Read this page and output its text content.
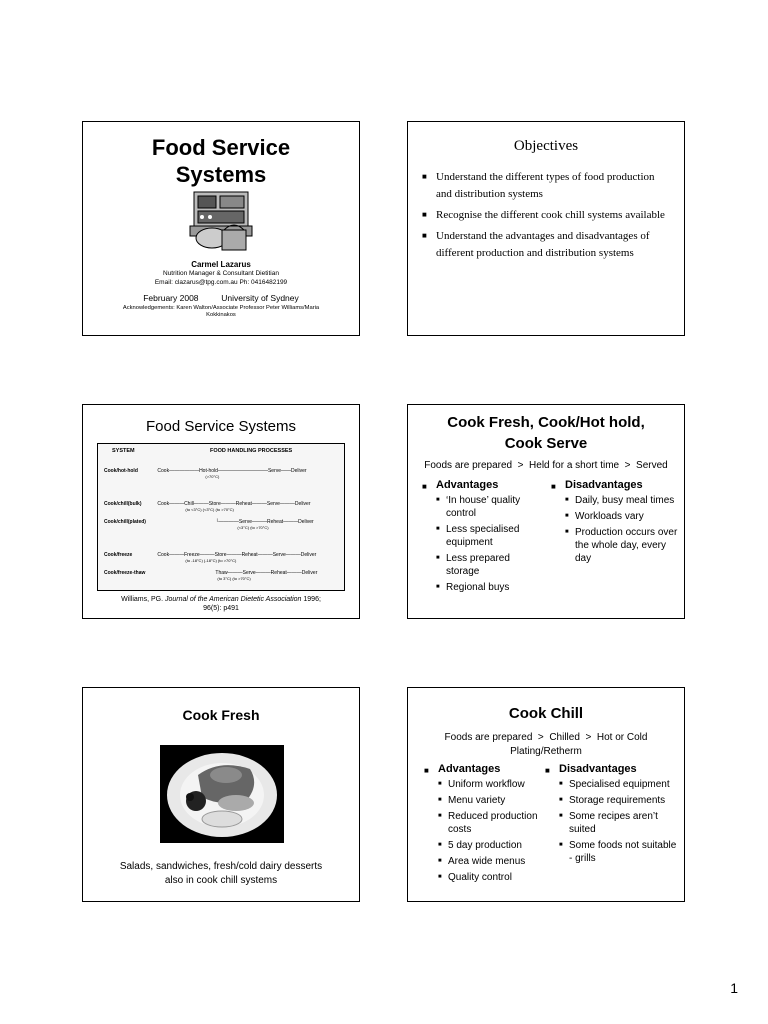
Food Service
Systems
Carmel Lazarus
Nutrition Manager & Consultant Dietitian
Email: clazarus@tpg.com.au Ph: 0416482199
February 2008	University of Sydney
Acknowledgements: Karen Walton/Associate Professor Peter Williams/Maria
Kokkinakos
Objectives
■ Understand the different types of food production and distribution systems
■ Recognise the different cook chill systems available
■ Understand the advantages and disadvantages of different production and distribution systems
Food Service Systems
SYSTEM	FOOD HANDLING PROCESSES
Cook/hot-hold	Cook——————Hot-hold——————————Serve——Deliver
(>70°C)
Cook/chill(bulk)	Cook———Chill———Store———Reheat———Serve———Deliver
(to <3°C) (<3°C) (to >70°C)
Cook/chill(plated)	└————Serve———Reheat———Deliver
(<3°C) (to >70°C)
Cook/freeze	Cook———Freeze———Store———Reheat———Serve———Deliver
(to -18°C) (-18°C) (to >70°C)
Cook/freeze-thaw	Thaw———Serve———Reheat———Deliver
(to 3°C) (to >70°C)
Williams, PG. Journal of the American Dietetic Association 1996;
96(5): p491
Cook Fresh, Cook/Hot hold,
Cook Serve
Foods are prepared  >  Held for a short time  >  Served
■ Advantages
■ ‘In house’ quality control
■ Less specialised equipment
■ Less prepared storage
■ Regional buys
■ Disadvantages
■ Daily, busy meal times
■ Workloads vary
■ Production occurs over the whole day, every day
Cook Fresh
Salads, sandwiches, fresh/cold dairy desserts
also in cook chill systems
Cook Chill
Foods are prepared  >  Chilled  >  Hot or Cold
Plating/Retherm
■ Advantages
■ Uniform workflow
■ Menu variety
■ Reduced production costs
■ 5 day production
■ Area wide menus
■ Quality control
■ Disadvantages
■ Specialised equipment
■ Storage requirements
■ Some recipes aren’t suited
■ Some foods not suitable - grills
1
